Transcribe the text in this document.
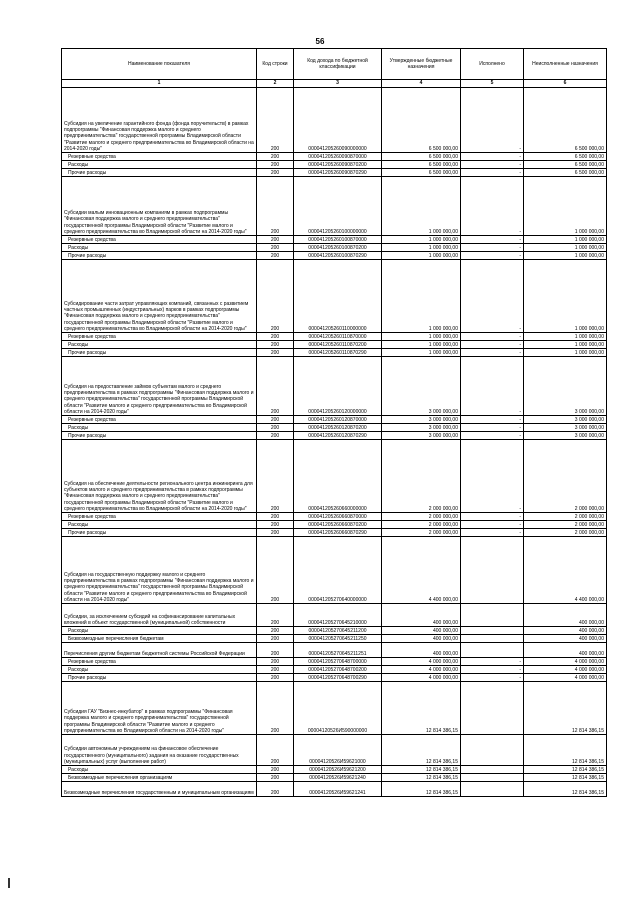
56
Наименование показателя	Код строки	Код дохода по бюджетной классификации	Утвержденные бюджетные назначения	Исполнено	Неисполненные назначения
1	2	3	4	5	6
Субсидия на увеличение гарантийного фонда (фонда поручительств) в рамках подпрограммы "Финансовая поддержка малого и среднего предпринимательства" государственной программы Владимирской области "Развитие малого и среднего предпринимательства во Владимирской области на 2014-2020 годы"	200	000041205260090000000	6 500 000,00	-	6 500 000,00
Резервные средства	200	000041205260090870000	6 500 000,00	-	6 500 000,00
Расходы	200	000041205260090870200	6 500 000,00	-	6 500 000,00
Прочие расходы	200	000041205260090870290	6 500 000,00	-	6 500 000,00
Субсидии малым инновационным компаниям в рамках подпрограммы "Финансовая поддержка малого и среднего предпринимательства" государственной программы Владимирской области "Развитие малого и среднего предпринимательства во Владимирской области на 2014-2020 годы"	200	000041205260100000000	1 000 000,00	-	1 000 000,00
Резервные средства	200	000041205260100870000	1 000 000,00	-	1 000 000,00
Расходы	200	000041205260100870200	1 000 000,00	-	1 000 000,00
Прочие расходы	200	000041205260100870290	1 000 000,00	-	1 000 000,00
Субсидирование части затрат управляющих компаний, связанных с развитием частных промышленных (индустриальных) парков в рамках подпрограммы "Финансовая поддержка малого и среднего предпринимательства" государственной программы Владимирской области "Развитие малого и среднего предпринимательства во Владимирской области на 2014-2020 годы"	200	000041205260110000000	1 000 000,00	-	1 000 000,00
Резервные средства	200	000041205260110870000	1 000 000,00	-	1 000 000,00
Расходы	200	000041205260110870200	1 000 000,00	-	1 000 000,00
Прочие расходы	200	000041205260110870290	1 000 000,00	-	1 000 000,00
Субсидия на предоставление займов субъектам малого и среднего предпринимательства в рамках подпрограммы "Финансовая поддержка малого и среднего предпринимательства" государственной программы Владимирской области "Развитие малого и среднего предпринимательства во Владимирской области на 2014-2020 годы"	200	000041205260120000000	3 000 000,00	-	3 000 000,00
Резервные средства	200	000041205260120870000	3 000 000,00	-	3 000 000,00
Расходы	200	000041205260120870200	3 000 000,00	-	3 000 000,00
Прочие расходы	200	000041205260120870290	3 000 000,00	-	3 000 000,00
Субсидия на обеспечение деятельности регионального центра инжиниринга для субъектов малого и среднего предпринимательства в рамках подпрограммы "Финансовая поддержка малого и среднего предпринимательства" государственной программы Владимирской области "Развитие малого и среднего предпринимательства во Владимирской области на 2014-2020 годы"	200	000041205260660000000	2 000 000,00	-	2 000 000,00
Резервные средства	200	000041205260660870000	2 000 000,00	-	2 000 000,00
Расходы	200	000041205260660870200	2 000 000,00	-	2 000 000,00
Прочие расходы	200	000041205260660870290	2 000 000,00	-	2 000 000,00
Субсидия на государственную поддержку малого и среднего предпринимательства в рамках подпрограммы "Финансовая поддержка малого и среднего предпринимательства" государственной программы Владимирской области "Развитие малого и среднего предпринимательства во Владимирской области на 2014-2020 годы"	200	000041205270640000000	4 400 000,00		4 400 000,00
Субсидии, за исключением субсидий на софинансирование капитальных вложений в объект государственной (муниципальной) собственности	200	000041205270645210000	400 000,00		400 000,00
Расходы	200	000041205270645211200	400 000,00		400 000,00
Безвозмездные перечисления бюджетам	200	000041205270645211250	400 000,00		400 000,00
Перечисления другим бюджетам бюджетной системы Российской Федерации	200	000041205270645211251	400 000,00		400 000,00
Резервные средства	200	000041205270648700000	4 000 000,00	-	4 000 000,00
Расходы	200	000041205270648700200	4 000 000,00	-	4 000 000,00
Прочие расходы	200	000041205270648700290	4 000 000,00	-	4 000 000,00
Субсидия ГАУ "Бизнес-инкубатор" в рамках подпрограммы "Финансовая поддержка малого и среднего предпринимательства" государственной программы Владимирской области "Развитие малого и среднего предпринимательства во Владимирской области на 2014-2020 годы"	200	00004120526И590000000	12 814 386,15		12 814 386,15
Субсидии автономным учреждениям на финансовое обеспечение государственного (муниципального) задания на оказание государственных (муниципальных) услуг (выполнение работ)	200	00004120526И59621000	12 814 386,15		12 814 386,15
Расходы	200	00004120526И59621200	12 814 386,15		12 814 386,15
Безвозмездные перечисления организациям	200	00004120526И59621240	12 814 386,15		12 814 386,15
Безвозмездные перечисления государственным и муниципальным организациям	200	00004120526И59621241	12 814 386,15		12 814 386,15
